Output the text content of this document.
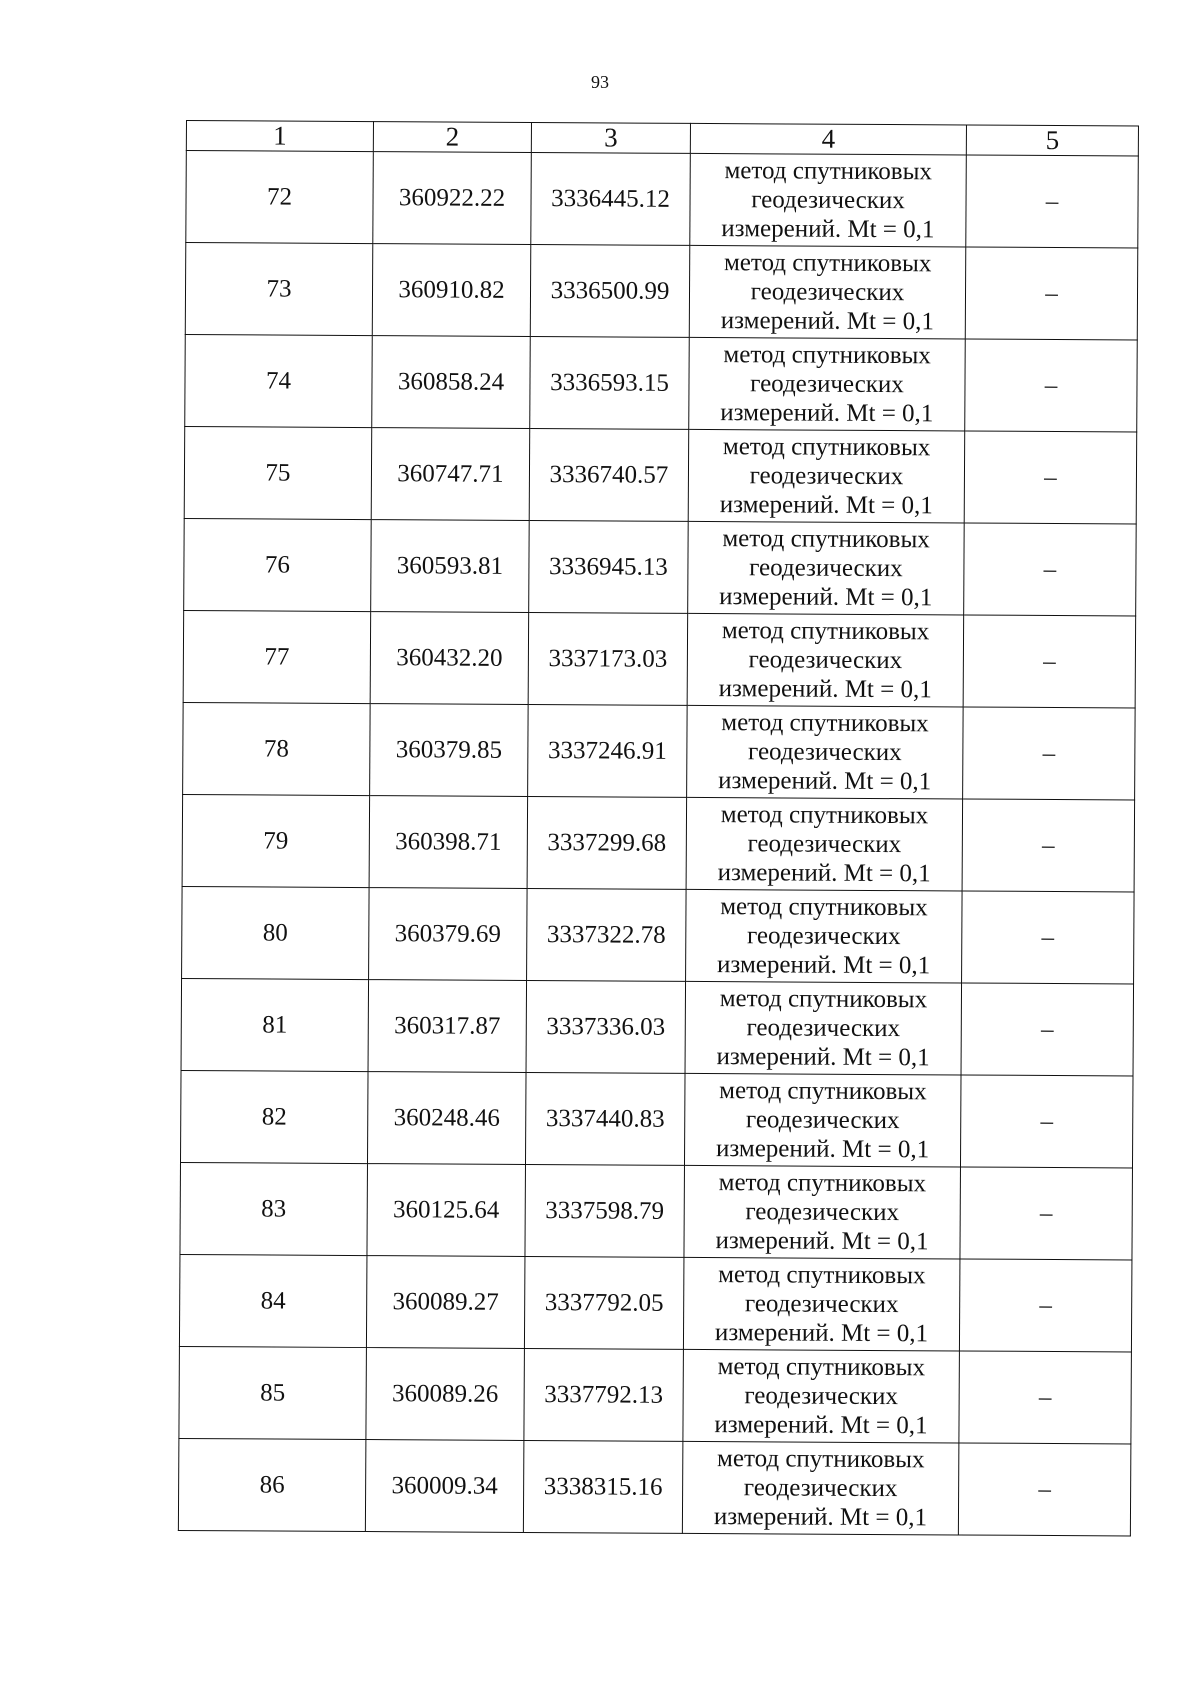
93
1	2	3	4	5
72	360922.22	3336445.12	метод спутниковых
геодезических
измерений. Mt = 0,1	–
73	360910.82	3336500.99	метод спутниковых
геодезических
измерений. Mt = 0,1	–
74	360858.24	3336593.15	метод спутниковых
геодезических
измерений. Mt = 0,1	–
75	360747.71	3336740.57	метод спутниковых
геодезических
измерений. Mt = 0,1	–
76	360593.81	3336945.13	метод спутниковых
геодезических
измерений. Mt = 0,1	–
77	360432.20	3337173.03	метод спутниковых
геодезических
измерений. Mt = 0,1	–
78	360379.85	3337246.91	метод спутниковых
геодезических
измерений. Mt = 0,1	–
79	360398.71	3337299.68	метод спутниковых
геодезических
измерений. Mt = 0,1	–
80	360379.69	3337322.78	метод спутниковых
геодезических
измерений. Mt = 0,1	–
81	360317.87	3337336.03	метод спутниковых
геодезических
измерений. Mt = 0,1	–
82	360248.46	3337440.83	метод спутниковых
геодезических
измерений. Mt = 0,1	–
83	360125.64	3337598.79	метод спутниковых
геодезических
измерений. Mt = 0,1	–
84	360089.27	3337792.05	метод спутниковых
геодезических
измерений. Mt = 0,1	–
85	360089.26	3337792.13	метод спутниковых
геодезических
измерений. Mt = 0,1	–
86	360009.34	3338315.16	метод спутниковых
геодезических
измерений. Mt = 0,1	–
